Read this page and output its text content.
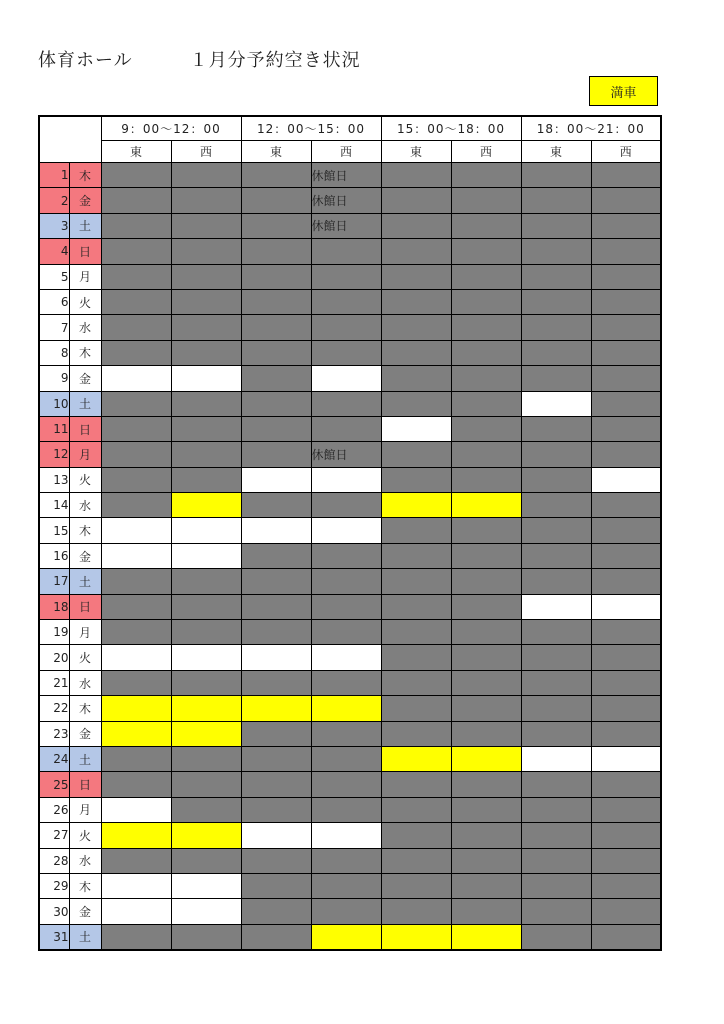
体育ホール　　　１月分予約空き状況
満車
		9：00～12：00		12：00～15：00		15：00～18：00		18：00～21：00	
		東	西	東	西	東	西	東	西
1	木				休館日				
2	金				休館日				
3	土				休館日				
4	日								
5	月								
6	火								
7	水								
8	木								
9	金								
10	土								
11	日								
12	月				休館日				
13	火								
14	水								
15	木								
16	金								
17	土								
18	日								
19	月								
20	火								
21	水								
22	木								
23	金								
24	土								
25	日								
26	月								
27	火								
28	水								
29	木								
30	金								
31	土								
